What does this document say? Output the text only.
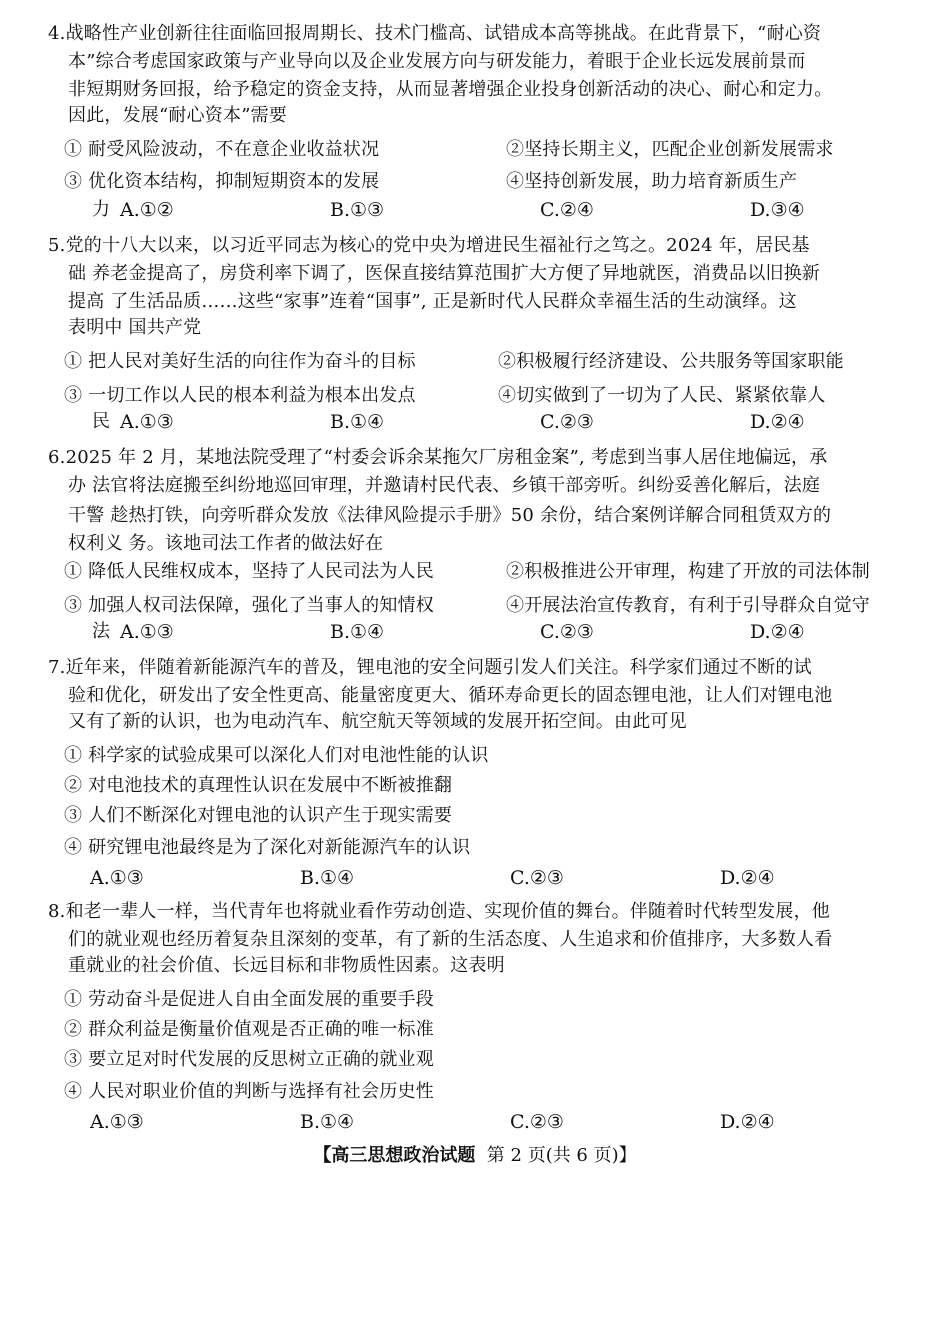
4.战略性产业创新往往面临回报周期长、技术门槛高、试错成本高等挑战。在此背景下，“耐心资
本”综合考虑国家政策与产业导向以及企业发展方向与研发能力，着眼于企业长远发展前景而
非短期财务回报，给予稳定的资金支持，从而显著增强企业投身创新活动的决心、耐心和定力。
因此，发展“耐心资本”需要
① 耐受风险波动，不在意企业收益状况	②坚持长期主义，匹配企业创新发展需求
③ 优化资本结构，抑制短期资本的发展	④坚持创新发展，助力培育新质生产
力 A.①②	B.①③	C.②④	D.③④
5.党的十八大以来，以习近平同志为核心的党中央为增进民生福祉行之笃之。2024 年，居民基
础 养老金提高了，房贷利率下调了，医保直接结算范围扩大方便了异地就医，消费品以旧换新
提高 了生活品质……这些“家事”连着“国事”, 正是新时代人民群众幸福生活的生动演绎。这
表明中 国共产党
① 把人民对美好生活的向往作为奋斗的目标	②积极履行经济建设、公共服务等国家职能
③ 一切工作以人民的根本利益为根本出发点	④切实做到了一切为了人民、紧紧依靠人
民 A.①③	B.①④	C.②③	D.②④
6.2025 年 2 月，某地法院受理了“村委会诉余某拖欠厂房租金案”, 考虑到当事人居住地偏远，承
办 法官将法庭搬至纠纷地巡回审理，并邀请村民代表、乡镇干部旁听。纠纷妥善化解后，法庭
干警 趁热打铁，向旁听群众发放《法律风险提示手册》50 余份，结合案例详解合同租赁双方的
权利义 务。该地司法工作者的做法好在
① 降低人民维权成本，坚持了人民司法为人民	②积极推进公开审理，构建了开放的司法体制
③ 加强人权司法保障，强化了当事人的知情权	④开展法治宣传教育，有利于引导群众自觉守
法 A.①③	B.①④	C.②③	D.②④
7.近年来，伴随着新能源汽车的普及，锂电池的安全问题引发人们关注。科学家们通过不断的试
验和优化，研发出了安全性更高、能量密度更大、循环寿命更长的固态锂电池，让人们对锂电池
又有了新的认识，也为电动汽车、航空航天等领域的发展开拓空间。由此可见
① 科学家的试验成果可以深化人们对电池性能的认识
② 对电池技术的真理性认识在发展中不断被推翻
③ 人们不断深化对锂电池的认识产生于现实需要
④ 研究锂电池最终是为了深化对新能源汽车的认识
A.①③	B.①④	C.②③	D.②④
8.和老一辈人一样，当代青年也将就业看作劳动创造、实现价值的舞台。伴随着时代转型发展，他
们的就业观也经历着复杂且深刻的变革，有了新的生活态度、人生追求和价值排序，大多数人看
重就业的社会价值、长远目标和非物质性因素。这表明
① 劳动奋斗是促进人自由全面发展的重要手段
② 群众利益是衡量价值观是否正确的唯一标准
③ 要立足对时代发展的反思树立正确的就业观
④ 人民对职业价值的判断与选择有社会历史性
A.①③	B.①④	C.②③	D.②④
【高三思想政治试题 第 2 页(共 6 页)】
